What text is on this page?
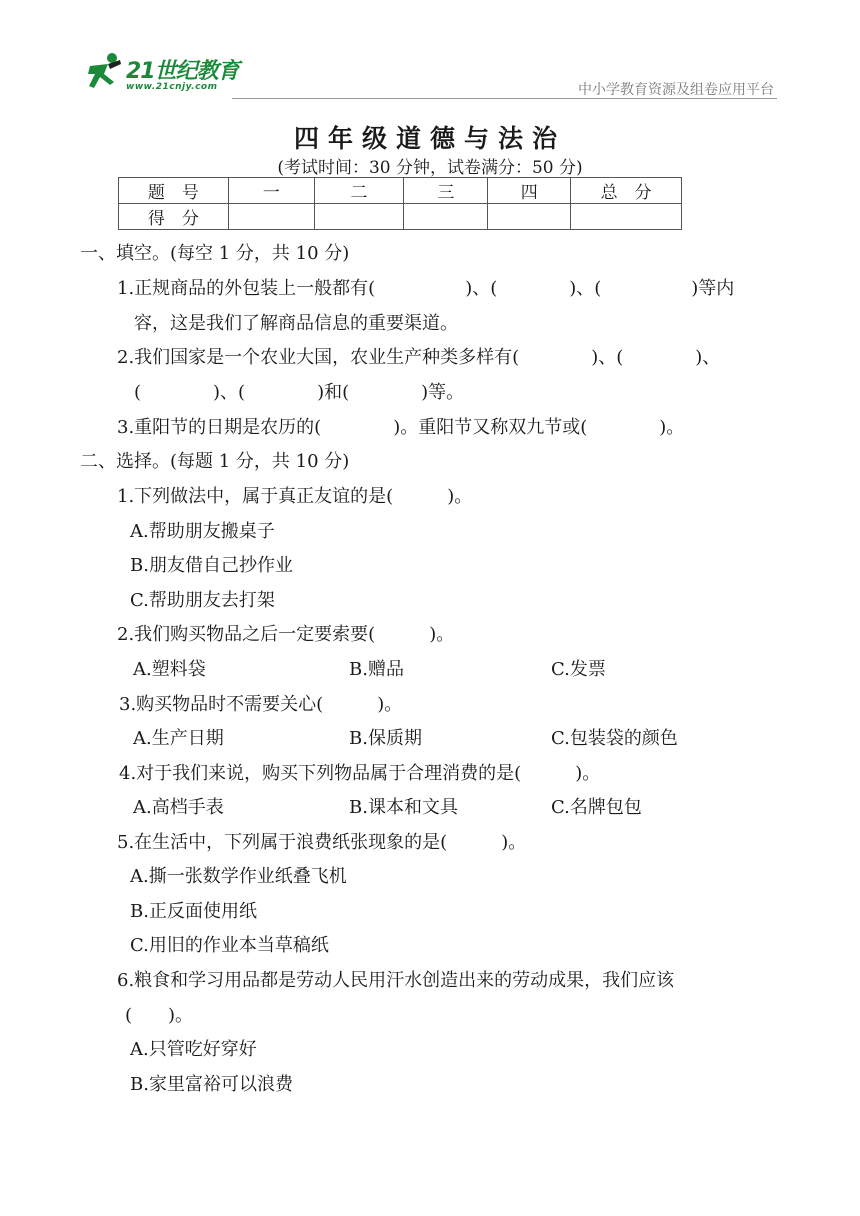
21世纪教育
www.21cnjy.com	中小学教育资源及组卷应用平台
四年级道德与法治
(考试时间：30 分钟，试卷满分：50 分)
题　号	一	二	三	四	总　分
得　分					
一、填空。(每空 1 分，共 10 分)
1.正规商品的外包装上一般都有(　　　　　)、(　　　　)、(　　　　　)等内
容，这是我们了解商品信息的重要渠道。
2.我们国家是一个农业大国，农业生产种类多样有(　　　　)、(　　　　)、
(　　　　)、(　　　　)和(　　　　)等。
3.重阳节的日期是农历的(　　　　)。重阳节又称双九节或(　　　　)。
二、选择。(每题 1 分，共 10 分)
1.下列做法中，属于真正友谊的是(　　　)。
A.帮助朋友搬桌子
B.朋友借自己抄作业
C.帮助朋友去打架
2.我们购买物品之后一定要索要(　　　)。
A.塑料袋	B.赠品	C.发票
3.购买物品时不需要关心(　　　)。
A.生产日期	B.保质期	C.包装袋的颜色
4.对于我们来说，购买下列物品属于合理消费的是(　　　)。
A.高档手表	B.课本和文具	C.名牌包包
5.在生活中，下列属于浪费纸张现象的是(　　　)。
A.撕一张数学作业纸叠飞机
B.正反面使用纸
C.用旧的作业本当草稿纸
6.粮食和学习用品都是劳动人民用汗水创造出来的劳动成果，我们应该
(　　)。
A.只管吃好穿好
B.家里富裕可以浪费
